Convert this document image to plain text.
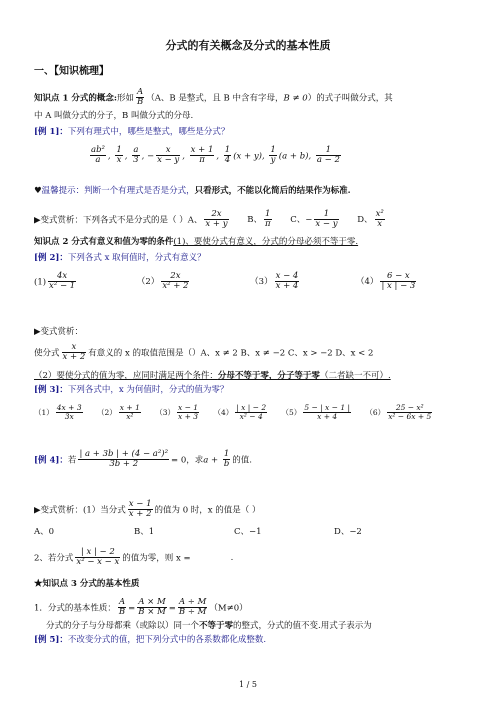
分式的有关概念及分式的基本性质
一、【知识梳理】
知识点 1 分式的概念:形如 $\frac{A}{B} (A$、B 是整式，且 B 中含有字母，B ≠ 0）的式子叫做分式，其
中 A 叫做分式的分子，B 叫做分式的分母.
[例 1]：下列有理式中，哪些是整式，哪些是分式？
$\frac{\text{ab²}}{a}$ , $\frac{1}{x}$ , $\frac{a}{3}$ , − $\frac{x}{x - y}$ , $\frac{x + 1}{\pi}$ , $\frac{1}{4} (x + y)$, $\frac{1}{y} (a + b)$, $\frac{1}{a - 2}$
♥温馨提示：判断一个有理式是否是分式，只看形式，不能以化简后的结果作为标准.
▶变式赏析：下列各式不是分式的是（ ）A、 $\frac{2x}{x + y}$ B、 $\frac{1}{\pi}$ C、− $\frac{1}{x - y}$ D、 $\frac{\text{x²}}{x}$
知识点 2 分式有意义和值为零的条件(1)、要使分式有意义，分式的分母必须不等于零.
[例 2]：下列各式 x 取何值时，分式有意义？
$(1) \frac{4x}{\text{x² − 1}}$	$(2) \frac{2x}{\text{x² + 2}}$	$(3) \frac{x - 4}{x + 4}$	$(4) \frac{6 - x}{| x | - 3}$
▶变式赏析：
使分式 $\frac{x}{x + 2}$ 有意义的 x 的取值范围是（）A、x ≠ 2 B、x ≠ −2 C、x > −2 D、x < 2
（2）要使分式的值为零，应同时满足两个条件：分母不等于零，分子等于零（二者缺一不可）.
[例 3]：下列各式中，x 为何值时，分式的值为零？
$(1) \frac{4x + 3}{3x} (2) \frac{x + 1}{\text{x²}} (3) \frac{x - 1}{x + 3} (4) \frac{| x | - 2}{\text{x² − 4}} (5) \frac{5 - | x - 1 |}{x + 4} (6) \frac{\text{25 − x²}}{\text{x² − 6x + 5}}$
[例 4]：若 $\frac{\text{| a + 3b | + (4 − a²)²}}{3b + 2} = 0$，求$a + \frac{1}{b}$ 的值.
▶变式赏析：(1）当分式 $\frac{x - 1}{x + 2}$ 的值为 0 时，x 的值是（ ）
A、0	B、1	C、−1	D、−2
2、若分式 $\frac{| x | - 2}{\text{x² − x − x}}$ 的值为零，则 x =	.
★知识点 3 分式的基本性质
1．分式的基本性质： $\frac{A}{B} = \frac{A \times M}{B \times M} = \frac{A \div M}{B \div M} (M\ne 0)$
分式的分子与分母都乘（或除以）同一个不等于零的整式，分式的值不变.用式子表示为
[例 5]：不改变分式的值，把下列分式中的各系数都化成整数.
1 / 5
